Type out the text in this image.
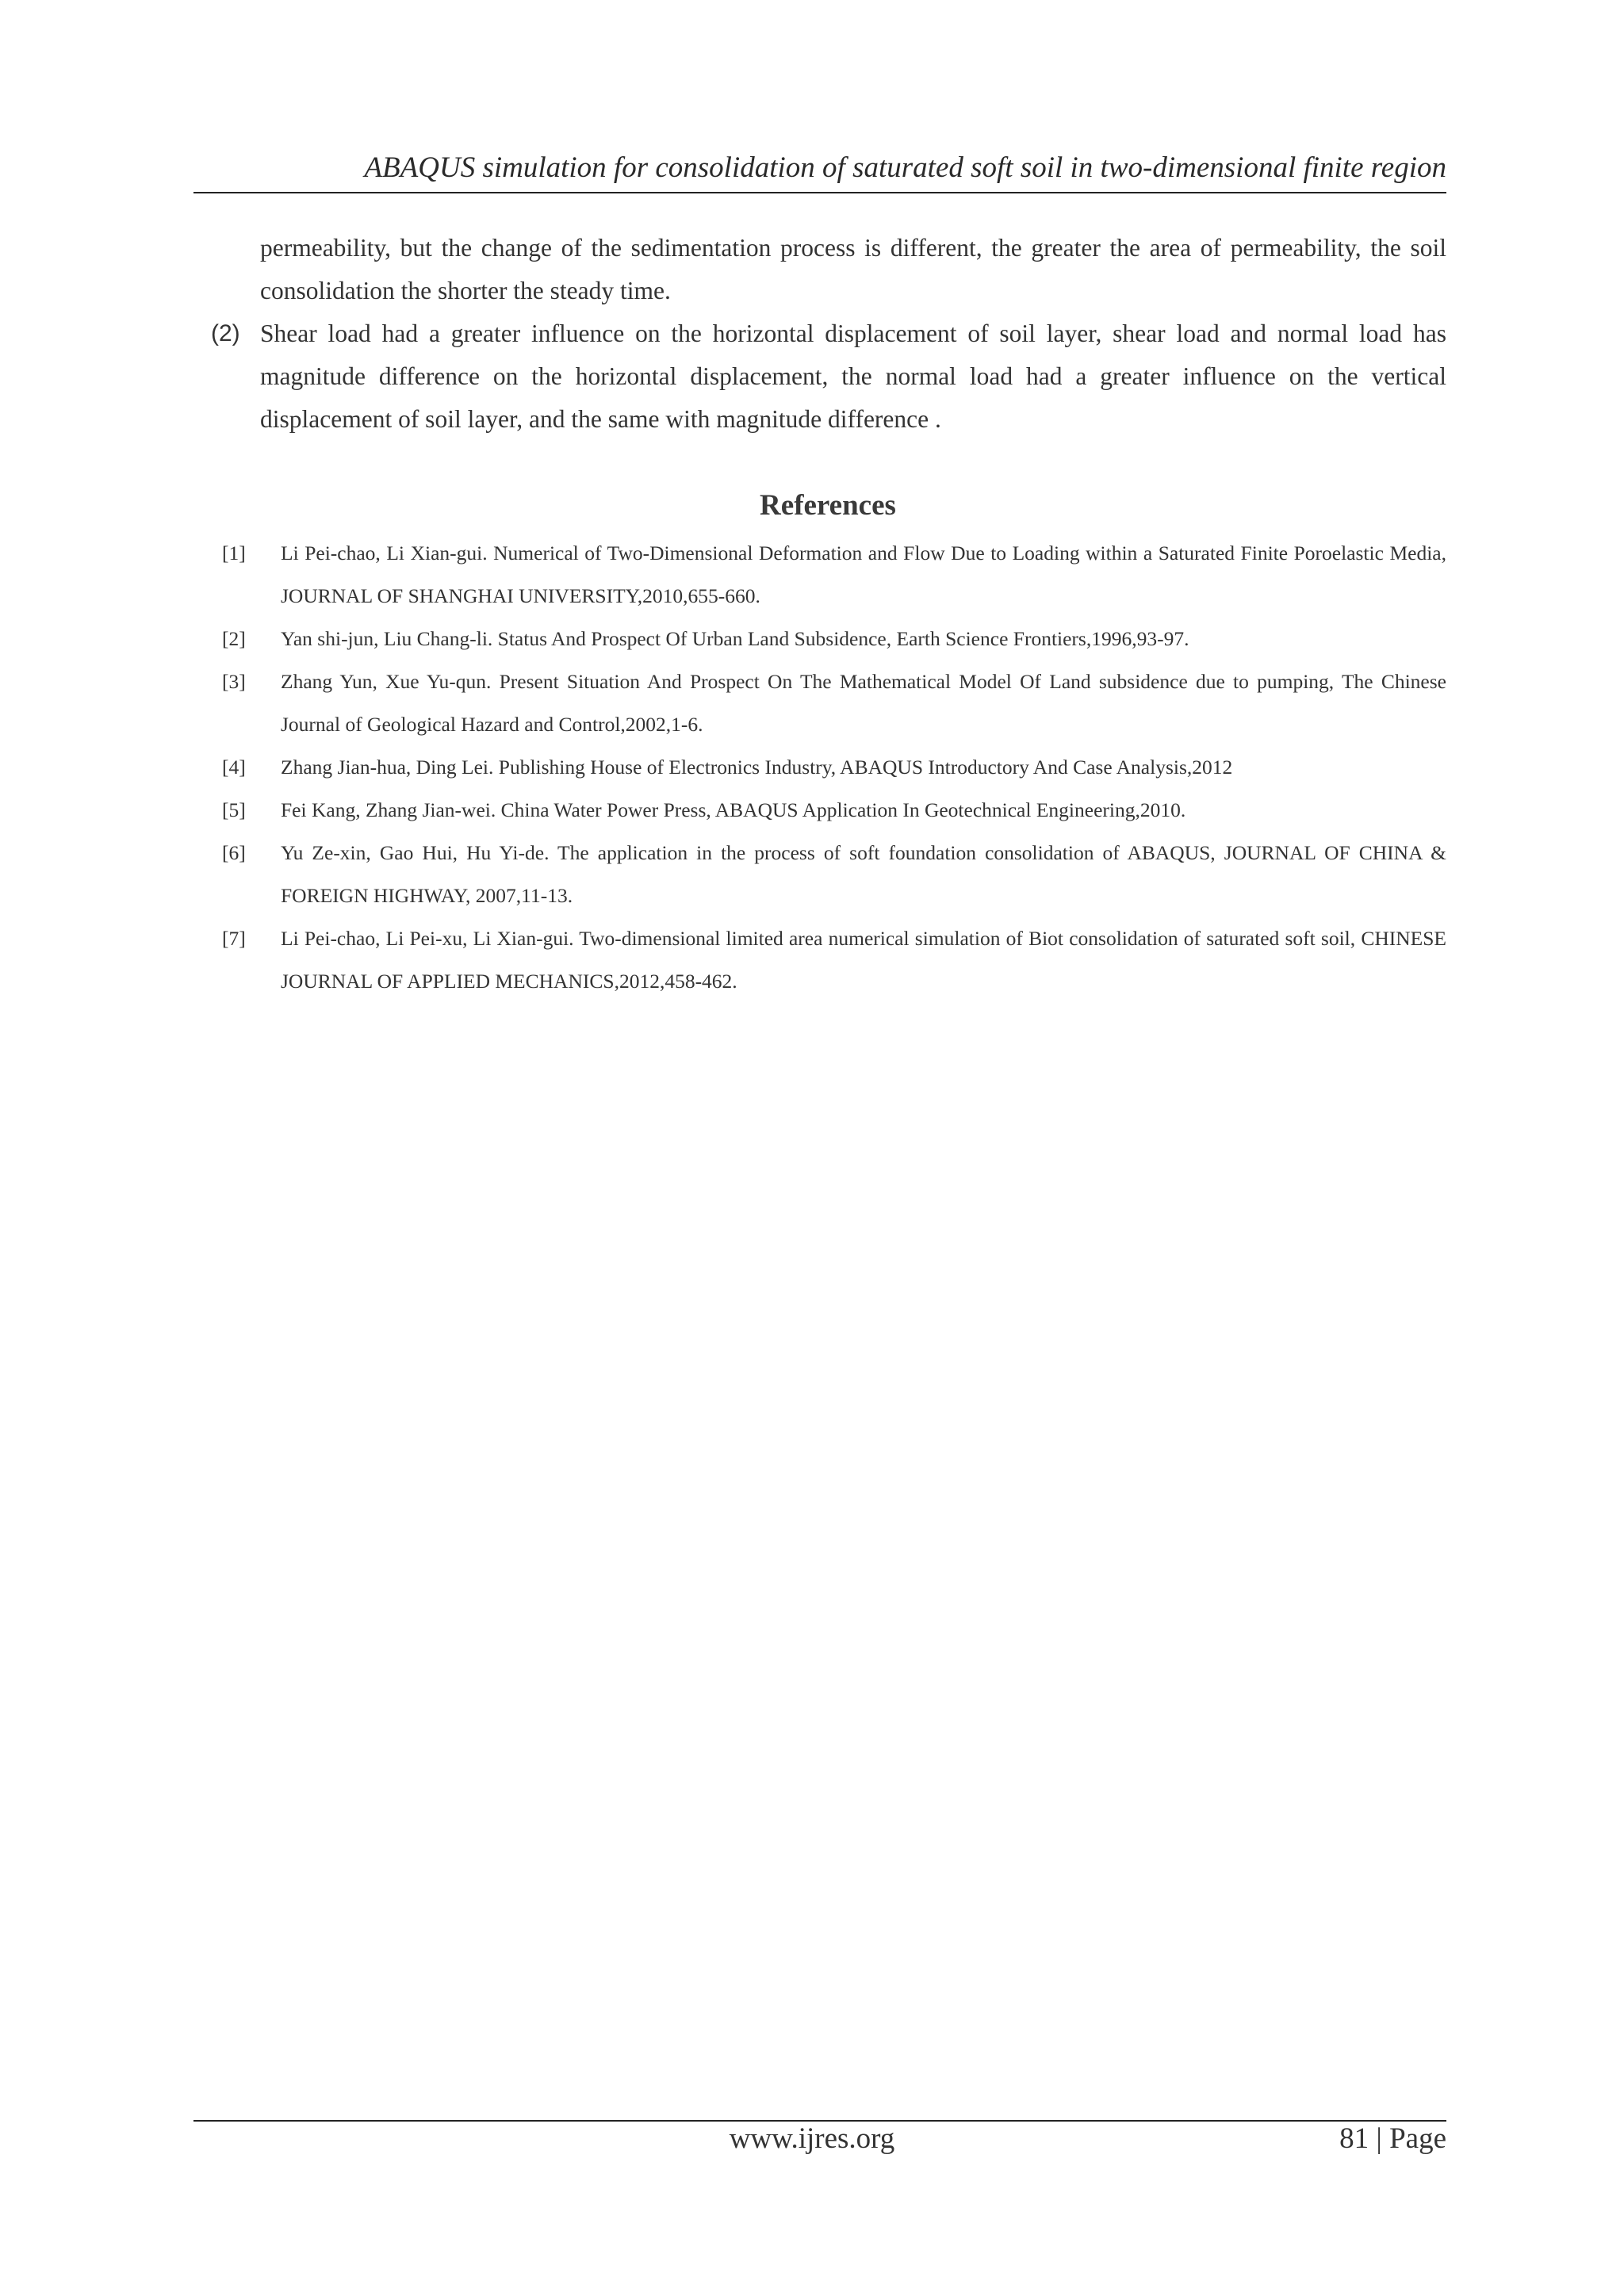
ABAQUS simulation for consolidation of saturated soft soil in two-dimensional finite region

permeability, but the change of the sedimentation process is different, the greater the area of permeability, the soil consolidation the shorter the steady time.

(2) Shear load had a greater influence on the horizontal displacement of soil layer, shear load and normal load has magnitude difference on the horizontal displacement, the normal load had a greater influence on the vertical displacement of soil layer, and the same with magnitude difference .

References
[1] Li Pei-chao, Li Xian-gui. Numerical of Two-Dimensional Deformation and Flow Due to Loading within a Saturated Finite Poroelastic Media, JOURNAL OF SHANGHAI UNIVERSITY,2010,655-660.
[2] Yan shi-jun, Liu Chang-li. Status And Prospect Of Urban Land Subsidence, Earth Science Frontiers,1996,93-97.
[3] Zhang Yun, Xue Yu-qun. Present Situation And Prospect On The Mathematical Model Of Land subsidence due to pumping, The Chinese Journal of Geological Hazard and Control,2002,1-6.
[4] Zhang Jian-hua, Ding Lei. Publishing House of Electronics Industry, ABAQUS Introductory And Case Analysis,2012
[5] Fei Kang, Zhang Jian-wei. China Water Power Press, ABAQUS Application In Geotechnical Engineering,2010.
[6] Yu Ze-xin, Gao Hui, Hu Yi-de. The application in the process of soft foundation consolidation of ABAQUS, JOURNAL OF CHINA & FOREIGN HIGHWAY, 2007,11-13.
[7] Li Pei-chao, Li Pei-xu, Li Xian-gui. Two-dimensional limited area numerical simulation of Biot consolidation of saturated soft soil, CHINESE JOURNAL OF APPLIED MECHANICS,2012,458-462.
www.ijres.org	81 | Page
